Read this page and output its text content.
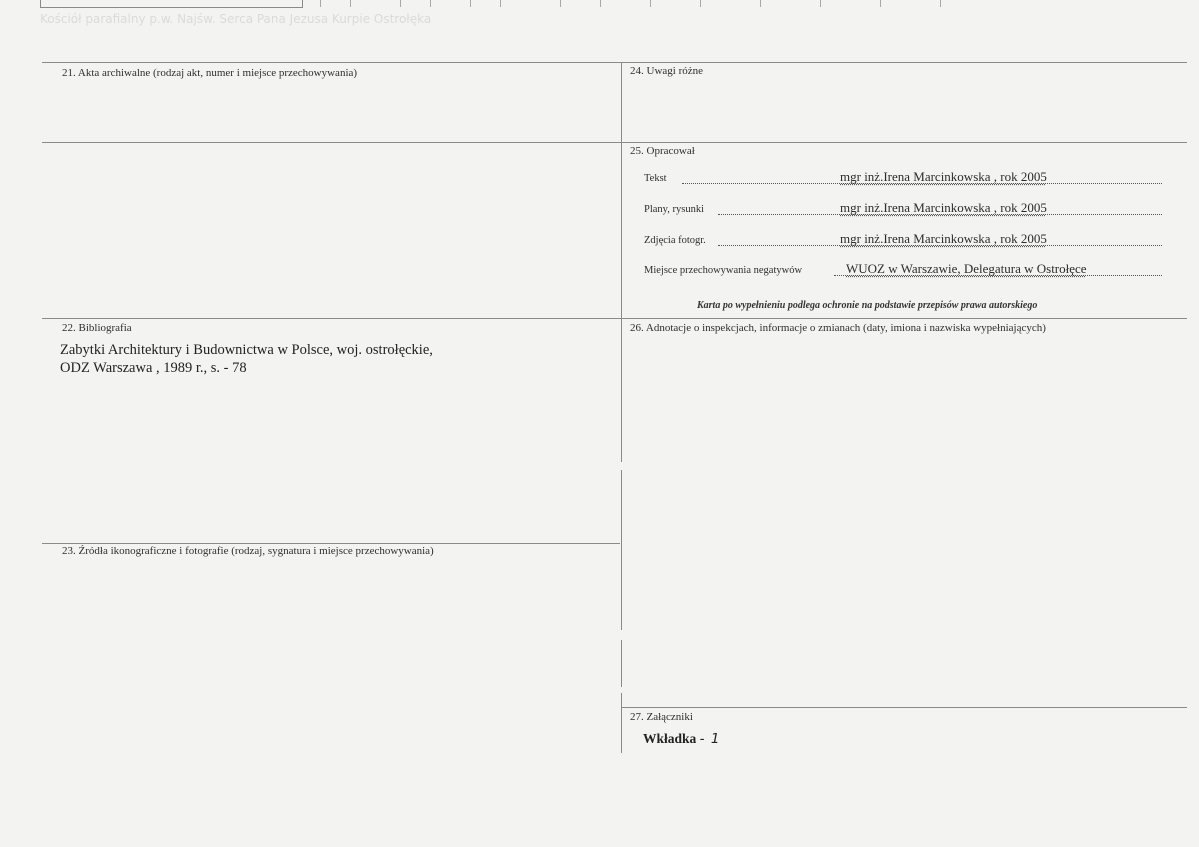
Kościół parafialny p.w. Najśw. Serca Pana Jezusa Kurpie Ostrołęka
21. Akta archiwalne (rodzaj akt, numer i miejsce przechowywania)
22. Bibliografia
Zabytki Architektury i Budownictwa w Polsce, woj. ostrołęckie,
ODZ Warszawa , 1989 r., s. - 78
23. Źródła ikonograficzne i fotografie (rodzaj, sygnatura i miejsce przechowywania)
24. Uwagi różne
25. Opracował
Tekst	mgr inż.Irena Marcinkowska , rok 2005
Plany, rysunki	mgr inż.Irena Marcinkowska , rok 2005
Zdjęcia fotogr.	mgr inż.Irena Marcinkowska , rok 2005
Miejsce przechowywania negatywów	WUOZ w Warszawie, Delegatura w Ostrołęce
Karta po wypełnieniu podlega ochronie na podstawie przepisów prawa autorskiego
26. Adnotacje o inspekcjach, informacje o zmianach (daty, imiona i nazwiska wypełniających)
27. Załączniki
Wkładka - 1
